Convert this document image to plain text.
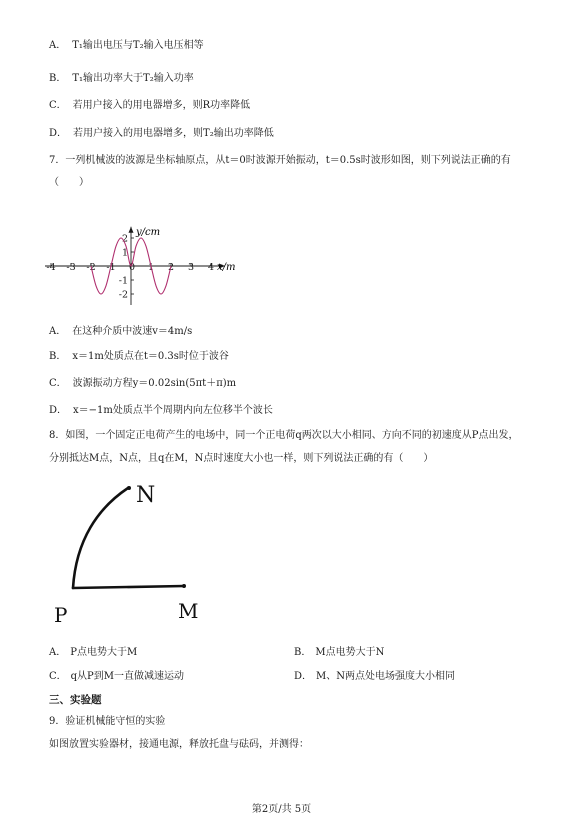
A． T₁输出电压与T₂输入电压相等
B． T₁输出功率大于T₂输入功率
C． 若用户接入的用电器增多，则R功率降低
D． 若用户接入的用电器增多，则T₂输出功率降低
7．一列机械波的波源是坐标轴原点，从t＝0时波源开始振动，t＝0.5s时波形如图，则下列说法正确的有
（　　）
-4 -3 -2 -1 0 1 2 3 4
2
1
-1
-2
x/m
y/cm
A． 在这种介质中波速v＝4m/s
B． x＝1m处质点在t＝0.3s时位于波谷
C． 波源振动方程y＝0.02sin(5πt＋π)m
D． x＝−1m处质点半个周期内向左位移半个波长
8．如图，一个固定正电荷产生的电场中，同一个正电荷q两次以大小相同、方向不同的初速度从P点出发，
分别抵达M点，N点，且q在M，N点时速度大小也一样，则下列说法正确的有（　　）
N
P	M
A． P点电势大于M	B． M点电势大于N
C． q从P到M一直做减速运动	D． M、N两点处电场强度大小相同
三、实验题
9．验证机械能守恒的实验
如图放置实验器材，接通电源，释放托盘与砝码，并测得：
第2页/共 5页
